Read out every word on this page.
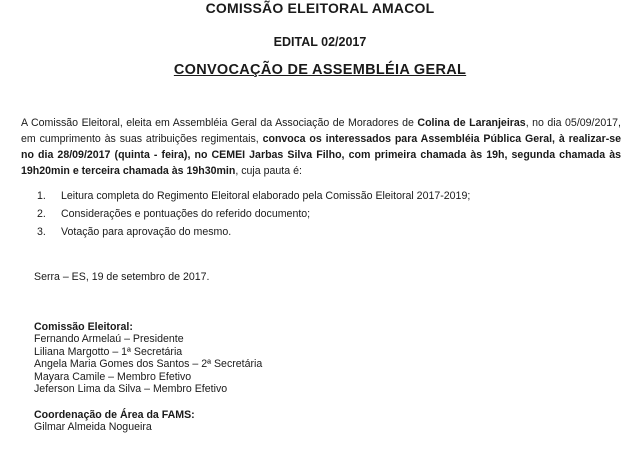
COMISSÃO ELEITORAL AMACOL
EDITAL 02/2017
CONVOCAÇÃO DE ASSEMBLÉIA GERAL
A Comissão Eleitoral, eleita em Assembléia Geral da Associação de Moradores de Colina de Laranjeiras, no dia 05/09/2017, em cumprimento às suas atribuições regimentais, convoca os interessados para Assembléia Pública Geral, à realizar-se no dia 28/09/2017 (quinta - feira), no CEMEI Jarbas Silva Filho, com primeira chamada às 19h, segunda chamada às 19h20min e terceira chamada às 19h30min, cuja pauta é:
1.	Leitura completa do Regimento Eleitoral elaborado pela Comissão Eleitoral 2017-2019;
2.	Considerações e pontuações do referido documento;
3.	Votação para aprovação do mesmo.
Serra – ES, 19 de setembro de 2017.
Comissão Eleitoral:
Fernando Armelaú – Presidente
Liliana Margotto – 1ª Secretária
Angela Maria Gomes dos Santos – 2ª Secretária
Mayara Camile – Membro Efetivo
Jeferson Lima da Silva – Membro Efetivo
Coordenação de Área da FAMS:
Gilmar Almeida Nogueira
